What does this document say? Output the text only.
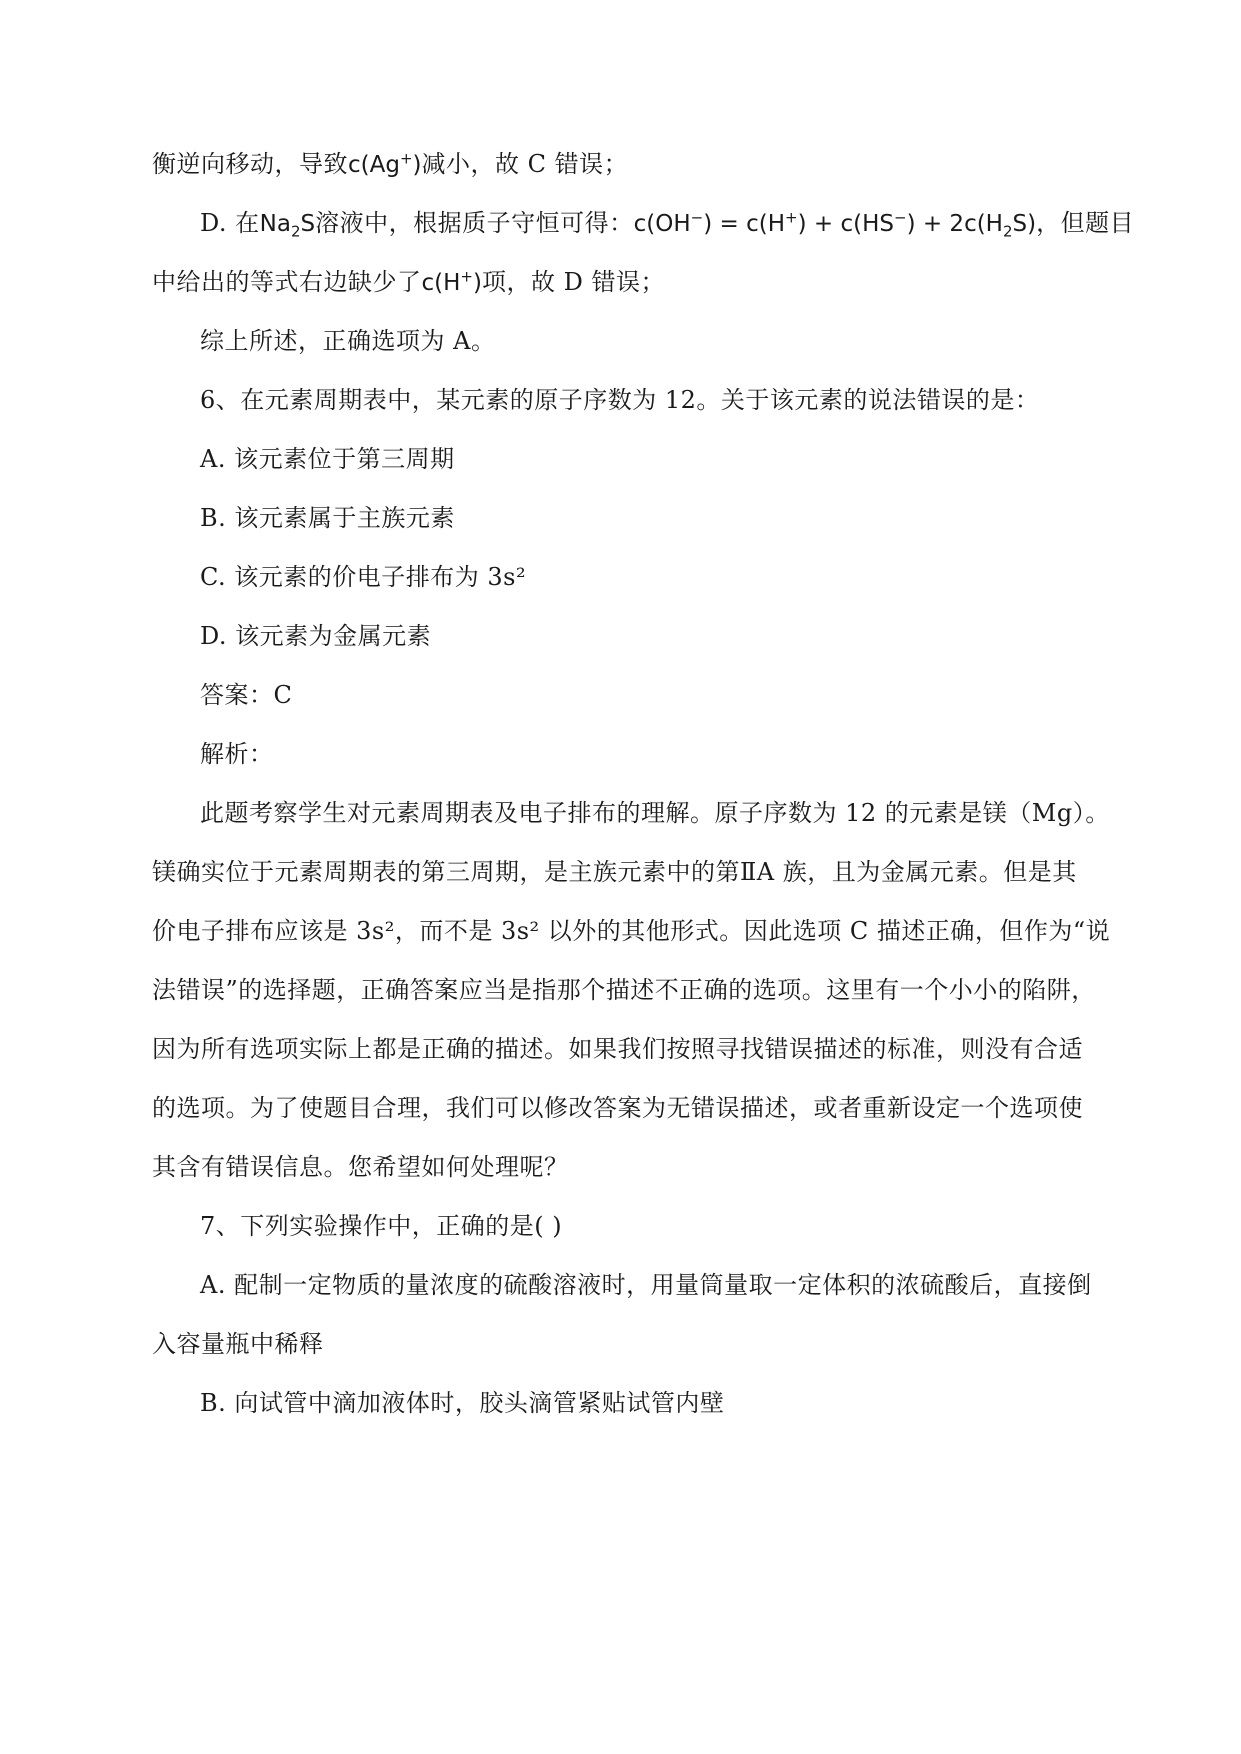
衡逆向移动，导致c(Ag+)减小，故 C 错误；
D. 在$Na_2S$溶液中，根据质子守恒可得：$c(OH^-) = c(H^+) + c(HS^-) + 2c(H_2S)$，但题目
中给出的等式右边缺少了c(H+)项，故 D 错误；
综上所述，正确选项为 A。
6、在元素周期表中，某元素的原子序数为 12。关于该元素的说法错误的是：
A. 该元素位于第三周期
B. 该元素属于主族元素
C. 该元素的价电子排布为 3s²
D. 该元素为金属元素
答案：C
解析：
此题考察学生对元素周期表及电子排布的理解。原子序数为 12 的元素是镁（Mg）。
镁确实位于元素周期表的第三周期，是主族元素中的第ⅡA 族，且为金属元素。但是其
价电子排布应该是 3s²，而不是 3s² 以外的其他形式。因此选项 C 描述正确，但作为“说
法错误”的选择题，正确答案应当是指那个描述不正确的选项。这里有一个小小的陷阱，
因为所有选项实际上都是正确的描述。如果我们按照寻找错误描述的标准，则没有合适
的选项。为了使题目合理，我们可以修改答案为无错误描述，或者重新设定一个选项使
其含有错误信息。您希望如何处理呢？
7、下列实验操作中，正确的是( )
A. 配制一定物质的量浓度的硫酸溶液时，用量筒量取一定体积的浓硫酸后，直接倒
入容量瓶中稀释
B. 向试管中滴加液体时，胶头滴管紧贴试管内壁
